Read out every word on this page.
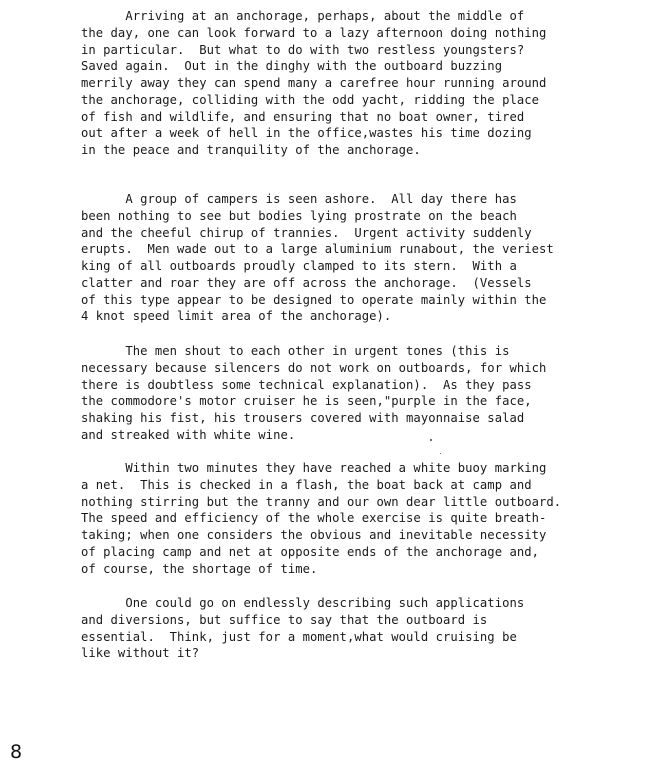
Arriving at an anchorage, perhaps, about the middle of
the day, one can look forward to a lazy afternoon doing nothing
in particular.  But what to do with two restless youngsters?
Saved again.  Out in the dinghy with the outboard buzzing
merrily away they can spend many a carefree hour running around
the anchorage, colliding with the odd yacht, ridding the place
of fish and wildlife, and ensuring that no boat owner, tired
out after a week of hell in the office,wastes his time dozing
in the peace and tranquility of the anchorage.
A group of campers is seen ashore.  All day there has
been nothing to see but bodies lying prostrate on the beach
and the cheeful chirup of trannies.  Urgent activity suddenly
erupts.  Men wade out to a large aluminium runabout, the veriest
king of all outboards proudly clamped to its stern.  With a
clatter and roar they are off across the anchorage.  (Vessels
of this type appear to be designed to operate mainly within the
4 knot speed limit area of the anchorage).
The men shout to each other in urgent tones (this is
necessary because silencers do not work on outboards, for which
there is doubtless some technical explanation).  As they pass
the commodore's motor cruiser he is seen,"purple in the face,
shaking his fist, his trousers covered with mayonnaise salad
and streaked with white wine.
Within two minutes they have reached a white buoy marking
a net.  This is checked in a flash, the boat back at camp and
nothing stirring but the tranny and our own dear little outboard.
The speed and efficiency of the whole exercise is quite breath-
taking; when one considers the obvious and inevitable necessity
of placing camp and net at opposite ends of the anchorage and,
of course, the shortage of time.
One could go on endlessly describing such applications
and diversions, but suffice to say that the outboard is
essential.  Think, just for a moment,what would cruising be
like without it?
8
